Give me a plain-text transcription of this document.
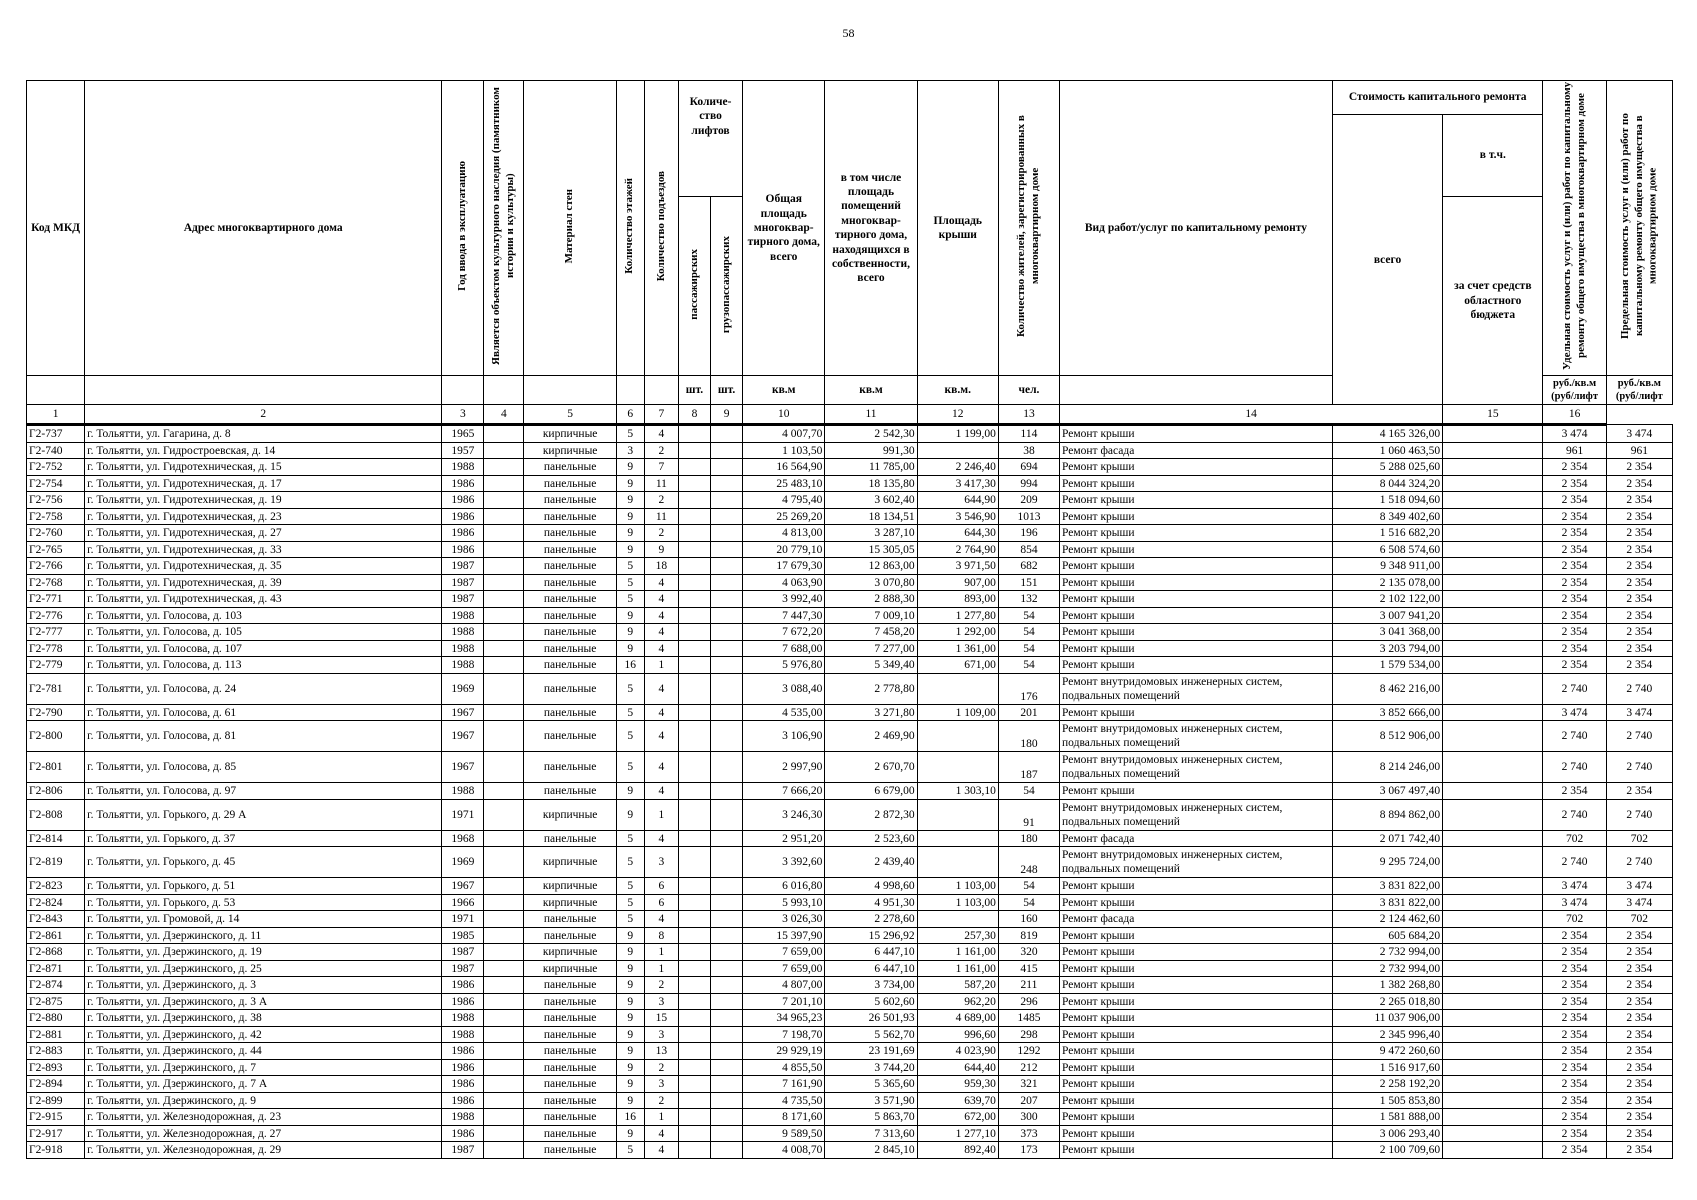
58
Код МКД	Адрес многоквартирного дома	Год ввода в эксплуатацию	Является объектом культурного наследия (памятником истории и культуры)	Материал стен	Количество этажей	Количество подъездов	Количе-ство лифтов		Общая площадь многоквар-тирного дома, всего	в том числе площадь помещений многоквар-тирного дома, находящихся в собственности, всего	Площадь крыши	Количество жителей, зарегистрированных в многоквартирном доме	Вид работ/услуг по капитальному ремонту	Стоимость капитального ремонта		Удельная стоимость услуг и (или) работ по капитальному ремонту общего имущества в многоквартирном доме	Предельная стоимость услуг и (или) работ по капитальному ремонту общего имущества в многоквартирном доме
														всего	в т.ч.		
							пассажирских	грузопассажирских							за счет средств областного бюджета		
							шт.	шт.	кв.м	кв.м	кв.м.	чел.				руб./кв.м (руб/лифт	руб./кв.м (руб/лифт
1	2	3	4	5	6	7	8	9	10	11	12	13	14		15	16	
Г2-737	г. Тольятти, ул. Гагарина, д. 8	1965		кирпичные	5	4			4 007,70	2 542,30	1 199,00	114	Ремонт крыши	4 165 326,00		3 474	3 474
Г2-740	г. Тольятти, ул. Гидростроевская, д. 14	1957		кирпичные	3	2			1 103,50	991,30		38	Ремонт фасада	1 060 463,50		961	961
Г2-752	г. Тольятти, ул. Гидротехническая, д. 15	1988		панельные	9	7			16 564,90	11 785,00	2 246,40	694	Ремонт крыши	5 288 025,60		2 354	2 354
Г2-754	г. Тольятти, ул. Гидротехническая, д. 17	1986		панельные	9	11			25 483,10	18 135,80	3 417,30	994	Ремонт крыши	8 044 324,20		2 354	2 354
Г2-756	г. Тольятти, ул. Гидротехническая, д. 19	1986		панельные	9	2			4 795,40	3 602,40	644,90	209	Ремонт крыши	1 518 094,60		2 354	2 354
Г2-758	г. Тольятти, ул. Гидротехническая, д. 23	1986		панельные	9	11			25 269,20	18 134,51	3 546,90	1013	Ремонт крыши	8 349 402,60		2 354	2 354
Г2-760	г. Тольятти, ул. Гидротехническая, д. 27	1986		панельные	9	2			4 813,00	3 287,10	644,30	196	Ремонт крыши	1 516 682,20		2 354	2 354
Г2-765	г. Тольятти, ул. Гидротехническая, д. 33	1986		панельные	9	9			20 779,10	15 305,05	2 764,90	854	Ремонт крыши	6 508 574,60		2 354	2 354
Г2-766	г. Тольятти, ул. Гидротехническая, д. 35	1987		панельные	5	18			17 679,30	12 863,00	3 971,50	682	Ремонт крыши	9 348 911,00		2 354	2 354
Г2-768	г. Тольятти, ул. Гидротехническая, д. 39	1987		панельные	5	4			4 063,90	3 070,80	907,00	151	Ремонт крыши	2 135 078,00		2 354	2 354
Г2-771	г. Тольятти, ул. Гидротехническая, д. 43	1987		панельные	5	4			3 992,40	2 888,30	893,00	132	Ремонт крыши	2 102 122,00		2 354	2 354
Г2-776	г. Тольятти, ул. Голосова, д. 103	1988		панельные	9	4			7 447,30	7 009,10	1 277,80	54	Ремонт крыши	3 007 941,20		2 354	2 354
Г2-777	г. Тольятти, ул. Голосова, д. 105	1988		панельные	9	4			7 672,20	7 458,20	1 292,00	54	Ремонт крыши	3 041 368,00		2 354	2 354
Г2-778	г. Тольятти, ул. Голосова, д. 107	1988		панельные	9	4			7 688,00	7 277,00	1 361,00	54	Ремонт крыши	3 203 794,00		2 354	2 354
Г2-779	г. Тольятти, ул. Голосова, д. 113	1988		панельные	16	1			5 976,80	5 349,40	671,00	54	Ремонт крыши	1 579 534,00		2 354	2 354
Г2-781	г. Тольятти, ул. Голосова, д. 24	1969		панельные	5	4			3 088,40	2 778,80		176	Ремонт внутридомовых инженерных систем, подвальных помещений	8 462 216,00		2 740	2 740
Г2-790	г. Тольятти, ул. Голосова, д. 61	1967		панельные	5	4			4 535,00	3 271,80	1 109,00	201	Ремонт крыши	3 852 666,00		3 474	3 474
Г2-800	г. Тольятти, ул. Голосова, д. 81	1967		панельные	5	4			3 106,90	2 469,90		180	Ремонт внутридомовых инженерных систем, подвальных помещений	8 512 906,00		2 740	2 740
Г2-801	г. Тольятти, ул. Голосова, д. 85	1967		панельные	5	4			2 997,90	2 670,70		187	Ремонт внутридомовых инженерных систем, подвальных помещений	8 214 246,00		2 740	2 740
Г2-806	г. Тольятти, ул. Голосова, д. 97	1988		панельные	9	4			7 666,20	6 679,00	1 303,10	54	Ремонт крыши	3 067 497,40		2 354	2 354
Г2-808	г. Тольятти, ул. Горького, д. 29 А	1971		кирпичные	9	1			3 246,30	2 872,30		91	Ремонт внутридомовых инженерных систем, подвальных помещений	8 894 862,00		2 740	2 740
Г2-814	г. Тольятти, ул. Горького, д. 37	1968		панельные	5	4			2 951,20	2 523,60		180	Ремонт фасада	2 071 742,40		702	702
Г2-819	г. Тольятти, ул. Горького, д. 45	1969		кирпичные	5	3			3 392,60	2 439,40		248	Ремонт внутридомовых инженерных систем, подвальных помещений	9 295 724,00		2 740	2 740
Г2-823	г. Тольятти, ул. Горького, д. 51	1967		кирпичные	5	6			6 016,80	4 998,60	1 103,00	54	Ремонт крыши	3 831 822,00		3 474	3 474
Г2-824	г. Тольятти, ул. Горького, д. 53	1966		кирпичные	5	6			5 993,10	4 951,30	1 103,00	54	Ремонт крыши	3 831 822,00		3 474	3 474
Г2-843	г. Тольятти, ул. Громовой, д. 14	1971		панельные	5	4			3 026,30	2 278,60		160	Ремонт фасада	2 124 462,60		702	702
Г2-861	г. Тольятти, ул. Дзержинского, д. 11	1985		панельные	9	8			15 397,90	15 296,92	257,30	819	Ремонт крыши	605 684,20		2 354	2 354
Г2-868	г. Тольятти, ул. Дзержинского, д. 19	1987		кирпичные	9	1			7 659,00	6 447,10	1 161,00	320	Ремонт крыши	2 732 994,00		2 354	2 354
Г2-871	г. Тольятти, ул. Дзержинского, д. 25	1987		кирпичные	9	1			7 659,00	6 447,10	1 161,00	415	Ремонт крыши	2 732 994,00		2 354	2 354
Г2-874	г. Тольятти, ул. Дзержинского, д. 3	1986		панельные	9	2			4 807,00	3 734,00	587,20	211	Ремонт крыши	1 382 268,80		2 354	2 354
Г2-875	г. Тольятти, ул. Дзержинского, д. 3 А	1986		панельные	9	3			7 201,10	5 602,60	962,20	296	Ремонт крыши	2 265 018,80		2 354	2 354
Г2-880	г. Тольятти, ул. Дзержинского, д. 38	1988		панельные	9	15			34 965,23	26 501,93	4 689,00	1485	Ремонт крыши	11 037 906,00		2 354	2 354
Г2-881	г. Тольятти, ул. Дзержинского, д. 42	1988		панельные	9	3			7 198,70	5 562,70	996,60	298	Ремонт крыши	2 345 996,40		2 354	2 354
Г2-883	г. Тольятти, ул. Дзержинского, д. 44	1986		панельные	9	13			29 929,19	23 191,69	4 023,90	1292	Ремонт крыши	9 472 260,60		2 354	2 354
Г2-893	г. Тольятти, ул. Дзержинского, д. 7	1986		панельные	9	2			4 855,50	3 744,20	644,40	212	Ремонт крыши	1 516 917,60		2 354	2 354
Г2-894	г. Тольятти, ул. Дзержинского, д. 7 А	1986		панельные	9	3			7 161,90	5 365,60	959,30	321	Ремонт крыши	2 258 192,20		2 354	2 354
Г2-899	г. Тольятти, ул. Дзержинского, д. 9	1986		панельные	9	2			4 735,50	3 571,90	639,70	207	Ремонт крыши	1 505 853,80		2 354	2 354
Г2-915	г. Тольятти, ул. Железнодорожная, д. 23	1988		панельные	16	1			8 171,60	5 863,70	672,00	300	Ремонт крыши	1 581 888,00		2 354	2 354
Г2-917	г. Тольятти, ул. Железнодорожная, д. 27	1986		панельные	9	4			9 589,50	7 313,60	1 277,10	373	Ремонт крыши	3 006 293,40		2 354	2 354
Г2-918	г. Тольятти, ул. Железнодорожная, д. 29	1987		панельные	5	4			4 008,70	2 845,10	892,40	173	Ремонт крыши	2 100 709,60		2 354	2 354
